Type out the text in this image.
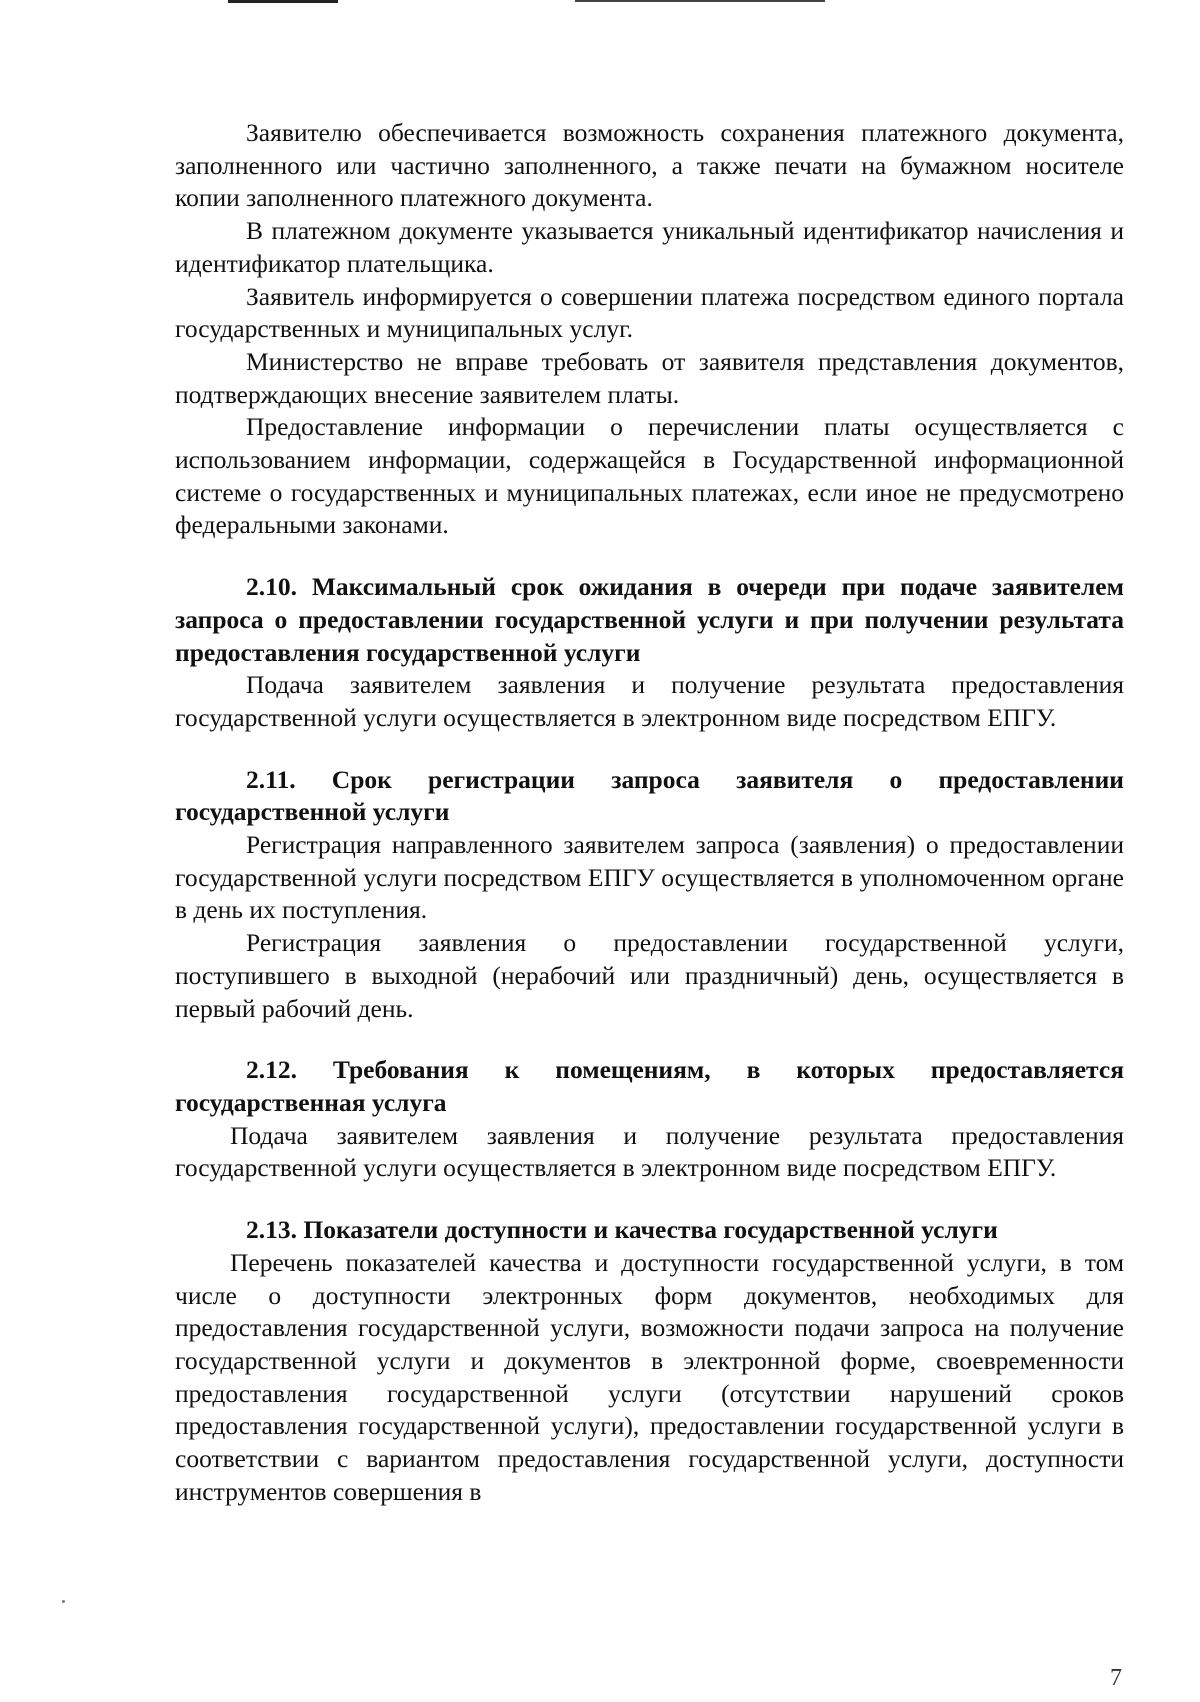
Заявителю обеспечивается возможность сохранения платежного документа, заполненного или частично заполненного, а также печати на бумажном носителе копии заполненного платежного документа.

В платежном документе указывается уникальный идентификатор начисления и идентификатор плательщика.

Заявитель информируется о совершении платежа посредством единого портала государственных и муниципальных услуг.

Министерство не вправе требовать от заявителя представления документов, подтверждающих внесение заявителем платы.

Предоставление информации о перечислении платы осуществляется с использованием информации, содержащейся в Государственной информационной системе о государственных и муниципальных платежах, если иное не предусмотрено федеральными законами.

2.10. Максимальный срок ожидания в очереди при подаче заявителем запроса о предоставлении государственной услуги и при получении результата предоставления государственной услуги

Подача заявителем заявления и получение результата предоставления государственной услуги осуществляется в электронном виде посредством ЕПГУ.

2.11. Срок регистрации запроса заявителя о предоставлении государственной услуги

Регистрация направленного заявителем запроса (заявления) о предоставлении государственной услуги посредством ЕПГУ осуществляется в уполномоченном органе в день их поступления.

Регистрация заявления о предоставлении государственной услуги, поступившего в выходной (нерабочий или праздничный) день, осуществляется в первый рабочий день.

2.12. Требования к помещениям, в которых предоставляется государственная услуга

Подача заявителем заявления и получение результата предоставления государственной услуги осуществляется в электронном виде посредством ЕПГУ.

2.13. Показатели доступности и качества государственной услуги

Перечень показателей качества и доступности государственной услуги, в том числе о доступности электронных форм документов, необходимых для предоставления государственной услуги, возможности подачи запроса на получение государственной услуги и документов в электронной форме, своевременности предоставления государственной услуги (отсутствии нарушений сроков предоставления государственной услуги), предоставлении государственной услуги в соответствии с вариантом предоставления государственной услуги, доступности инструментов совершения в

7
